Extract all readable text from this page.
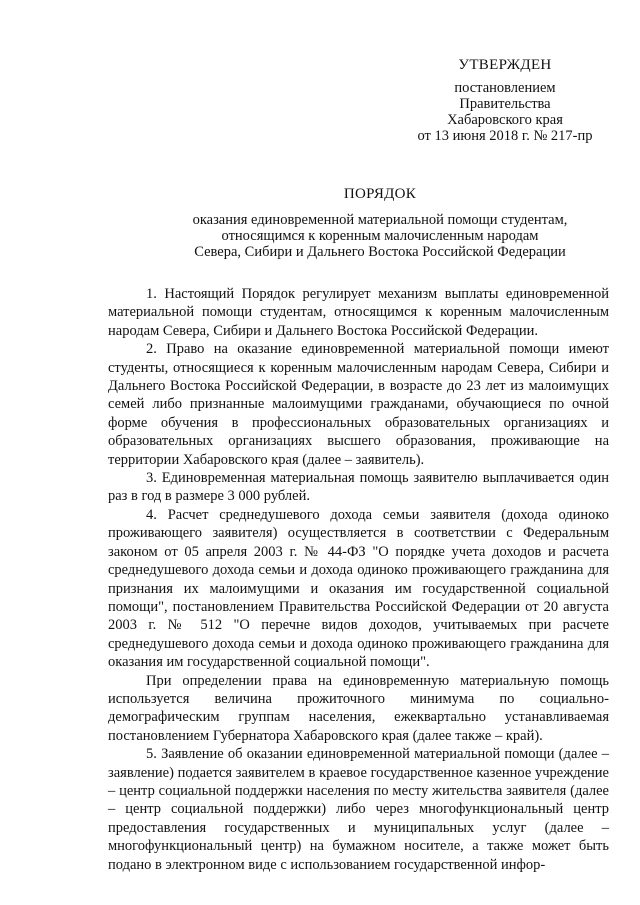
УТВЕРЖДЕН
постановлением
Правительства
Хабаровского края
от 13 июня 2018 г. № 217-пр
ПОРЯДОК
оказания единовременной материальной помощи студентам,
относящимся к коренным малочисленным народам
Севера, Сибири и Дальнего Востока Российской Федерации

1. Настоящий Порядок регулирует механизм выплаты единовременной материальной помощи студентам, относящимся к коренным малочисленным народам Севера, Сибири и Дальнего Востока Российской Федерации.

2. Право на оказание единовременной материальной помощи имеют студенты, относящиеся к коренным малочисленным народам Севера, Сибири и Дальнего Востока Российской Федерации, в возрасте до 23 лет из малоимущих семей либо признанные малоимущими гражданами, обучающиеся по очной форме обучения в профессиональных образовательных организациях и образовательных организациях высшего образования, проживающие на территории Хабаровского края (далее – заявитель).

3. Единовременная материальная помощь заявителю выплачивается один раз в год в размере 3 000 рублей.

4. Расчет среднедушевого дохода семьи заявителя (дохода одиноко проживающего заявителя) осуществляется в соответствии с Федеральным законом от 05 апреля 2003 г. № 44-ФЗ "О порядке учета доходов и расчета среднедушевого дохода семьи и дохода одиноко проживающего гражданина для признания их малоимущими и оказания им государственной социальной помощи", постановлением Правительства Российской Федерации от 20 августа 2003 г. № 512 "О перечне видов доходов, учитываемых при расчете среднедушевого дохода семьи и дохода одиноко проживающего гражданина для оказания им государственной социальной помощи".

При определении права на единовременную материальную помощь используется величина прожиточного минимума по социально-демографическим группам населения, ежеквартально устанавливаемая постановлением Губернатора Хабаровского края (далее также – край).

5. Заявление об оказании единовременной материальной помощи (далее – заявление) подается заявителем в краевое государственное казенное учреждение – центр социальной поддержки населения по месту жительства заявителя (далее – центр социальной поддержки) либо через многофункциональный центр предоставления государственных и муниципальных услуг (далее – многофункциональный центр) на бумажном носителе, а также может быть подано в электронном виде с использованием государственной инфор-
